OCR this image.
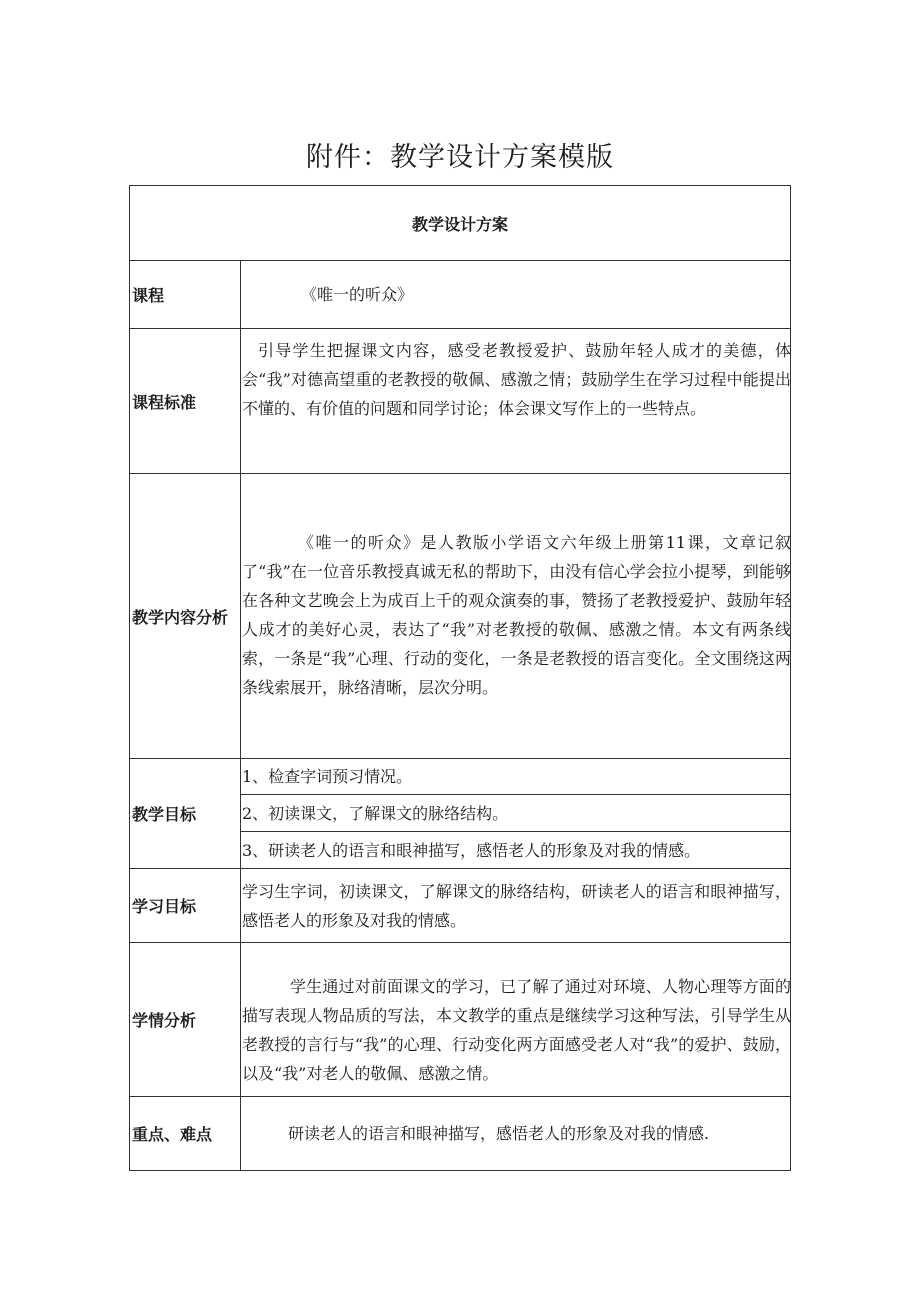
附件：教学设计方案模版
教学设计方案
课程	《唯一的听众》
课程标准

引导学生把握课文内容，感受老教授爱护、鼓励年轻人成才的美德，体会“我”对德高望重的老教授的敬佩、感激之情；鼓励学生在学习过程中能提出不懂的、有价值的问题和同学讨论；体会课文写作上的一些特点。

教学内容分析

《唯一的听众》是人教版小学语文六年级上册第11课，文章记叙了“我”在一位音乐教授真诚无私的帮助下，由没有信心学会拉小提琴，到能够在各种文艺晚会上为成百上千的观众演奏的事，赞扬了老教授爱护、鼓励年轻人成才的美好心灵，表达了“我”对老教授的敬佩、感激之情。本文有两条线索，一条是“我”心理、行动的变化，一条是老教授的语言变化。全文围绕这两条线索展开，脉络清晰，层次分明。

教学目标
1、检查字词预习情况。
2、初读课文，了解课文的脉络结构。
3、研读老人的语言和眼神描写，感悟老人的形象及对我的情感。
学习目标

学习生字词，初读课文，了解课文的脉络结构，研读老人的语言和眼神描写，感悟老人的形象及对我的情感。

学情分析

学生通过对前面课文的学习，已了解了通过对环境、人物心理等方面的描写表现人物品质的写法，本文教学的重点是继续学习这种写法，引导学生从老教授的言行与“我”的心理、行动变化两方面感受老人对“我”的爱护、鼓励，以及“我”对老人的敬佩、感激之情。

重点、难点	研读老人的语言和眼神描写，感悟老人的形象及对我的情感.
